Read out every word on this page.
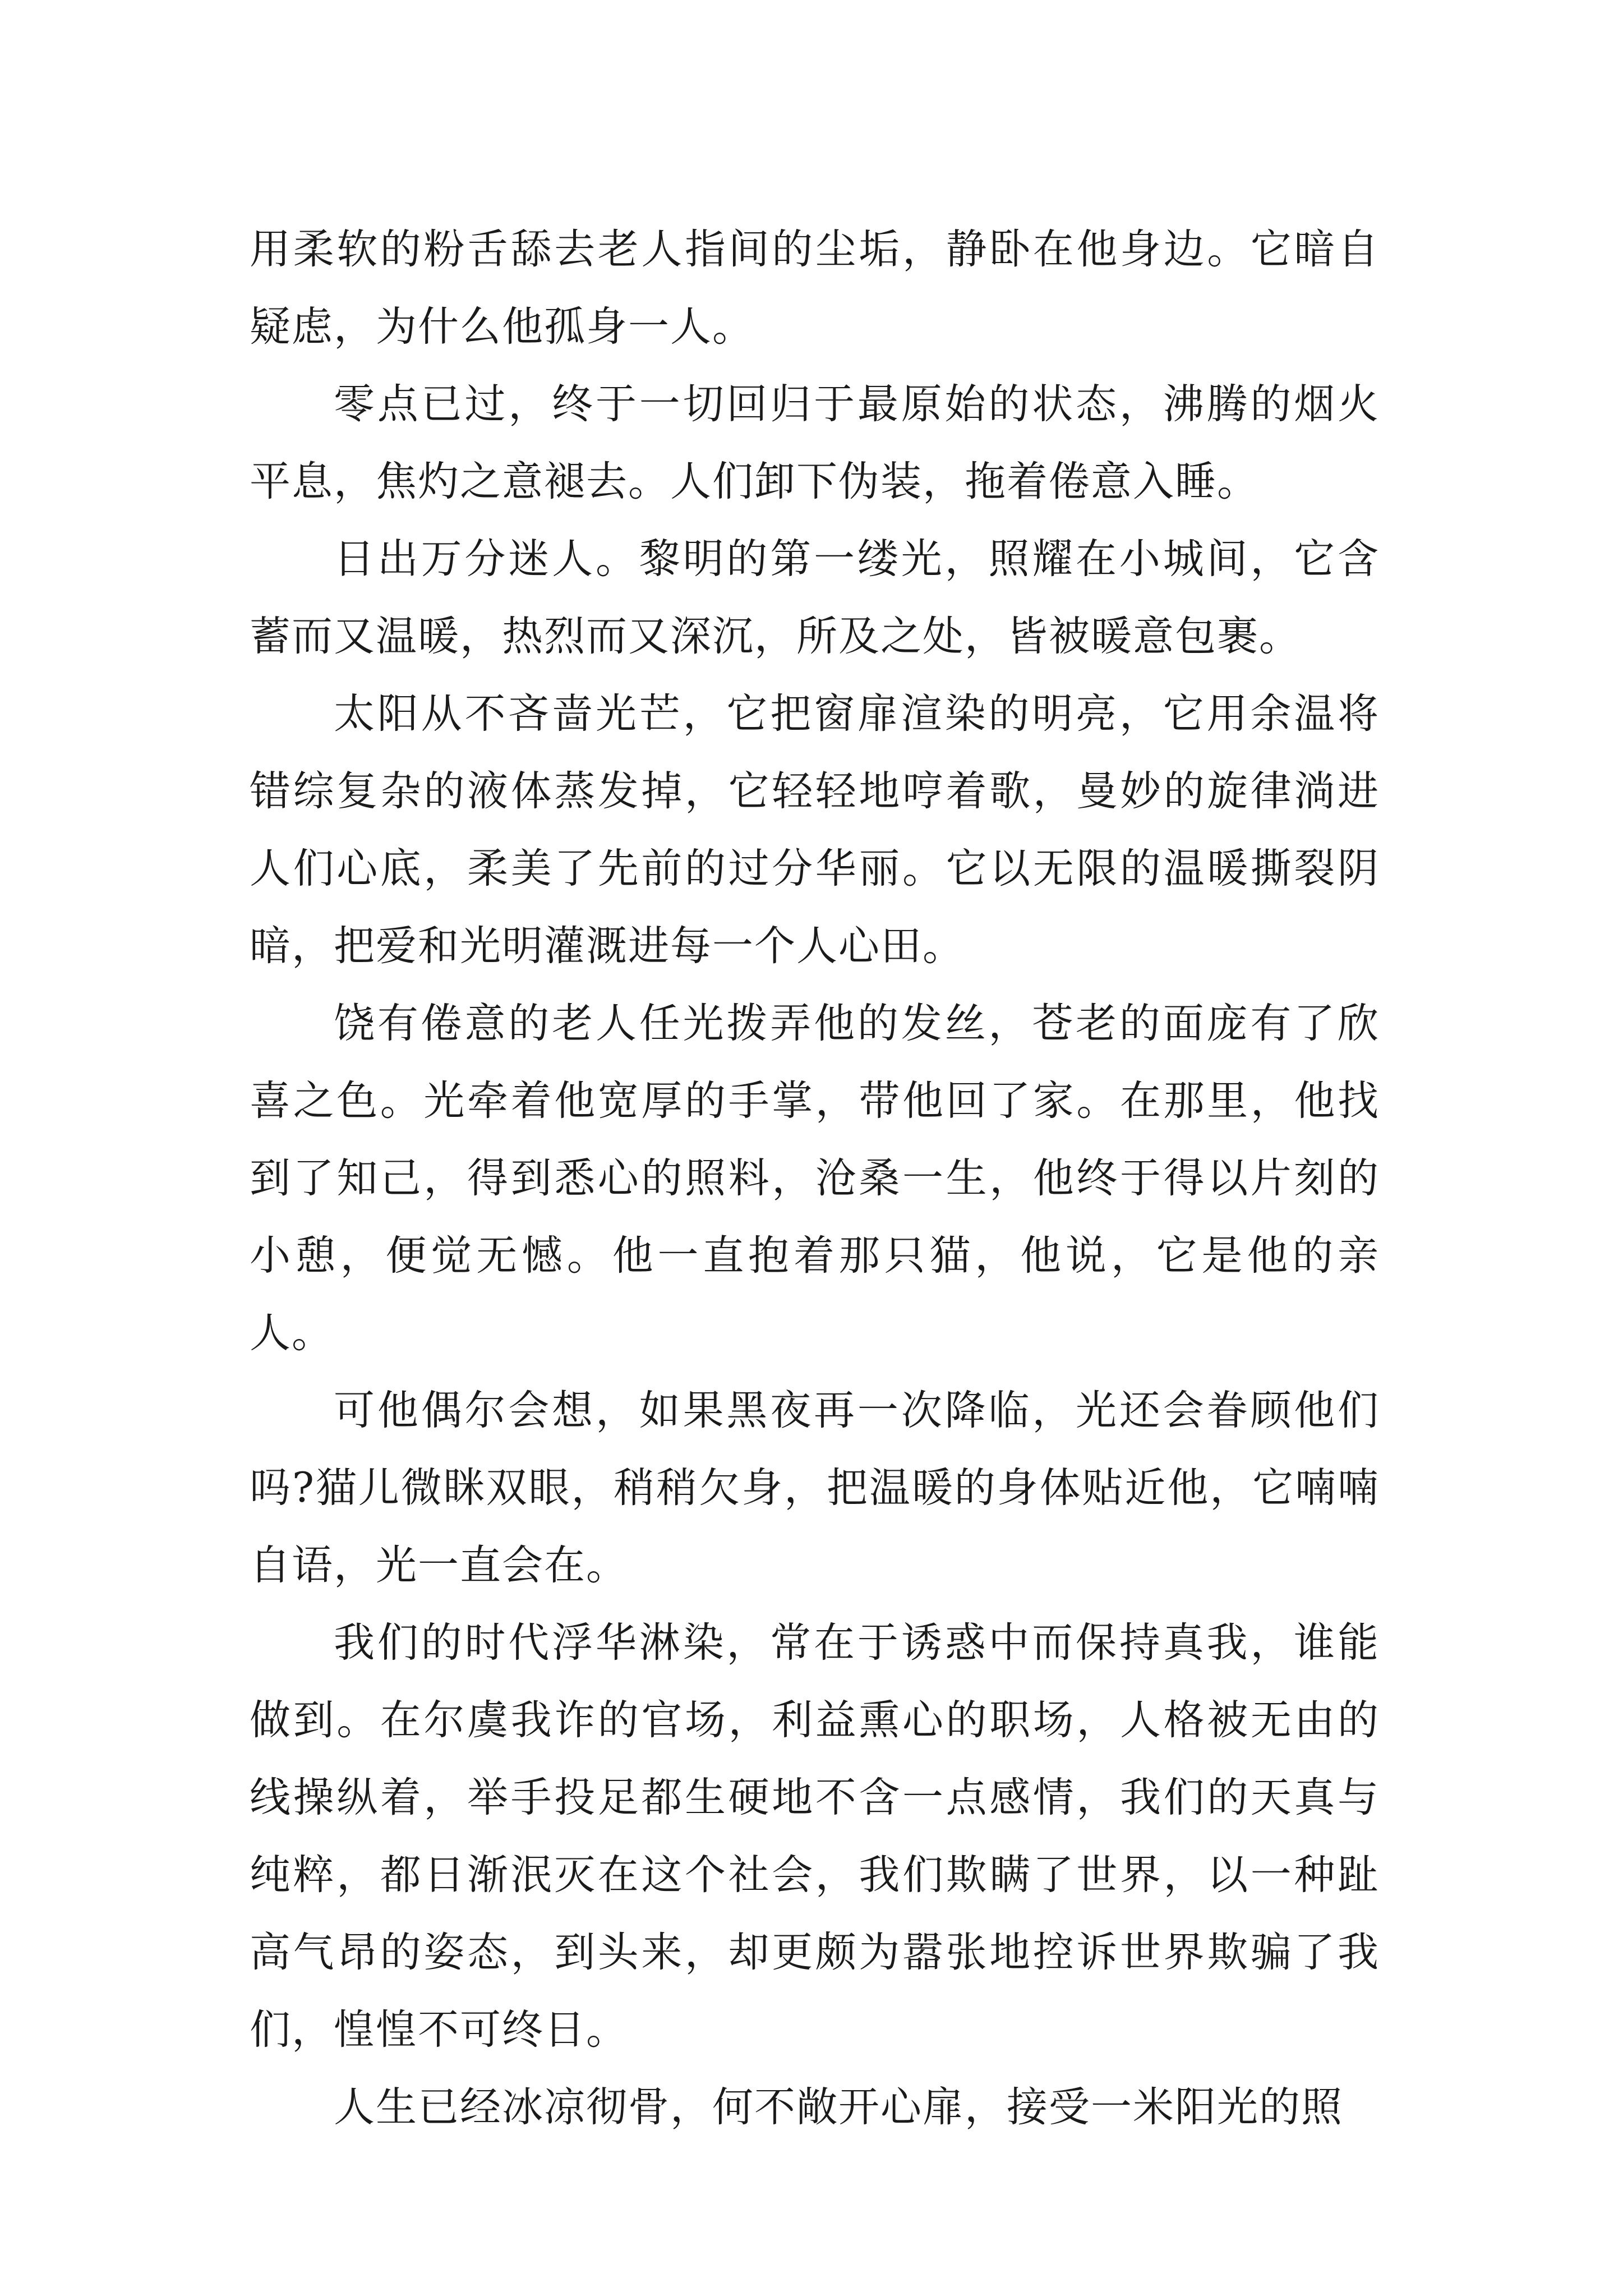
用柔软的粉舌舔去老人指间的尘垢，静卧在他身边。它暗自疑虑，为什么他孤身一人。

零点已过，终于一切回归于最原始的状态，沸腾的烟火平息，焦灼之意褪去。人们卸下伪装，拖着倦意入睡。

日出万分迷人。黎明的第一缕光，照耀在小城间，它含蓄而又温暖，热烈而又深沉，所及之处，皆被暖意包裹。

太阳从不吝啬光芒，它把窗扉渲染的明亮，它用余温将错综复杂的液体蒸发掉，它轻轻地哼着歌，曼妙的旋律淌进人们心底，柔美了先前的过分华丽。它以无限的温暖撕裂阴暗，把爱和光明灌溉进每一个人心田。

饶有倦意的老人任光拨弄他的发丝，苍老的面庞有了欣喜之色。光牵着他宽厚的手掌，带他回了家。在那里，他找到了知己，得到悉心的照料，沧桑一生，他终于得以片刻的小憩，便觉无憾。他一直抱着那只猫，他说，它是他的亲人。

可他偶尔会想，如果黑夜再一次降临，光还会眷顾他们吗?猫儿微眯双眼，稍稍欠身，把温暖的身体贴近他，它喃喃自语，光一直会在。

我们的时代浮华淋染，常在于诱惑中而保持真我，谁能做到。在尔虞我诈的官场，利益熏心的职场，人格被无由的线操纵着，举手投足都生硬地不含一点感情，我们的天真与纯粹，都日渐泯灭在这个社会，我们欺瞒了世界，以一种趾高气昂的姿态，到头来，却更颇为嚣张地控诉世界欺骗了我们，惶惶不可终日。

人生已经冰凉彻骨，何不敞开心扉，接受一米阳光的照
